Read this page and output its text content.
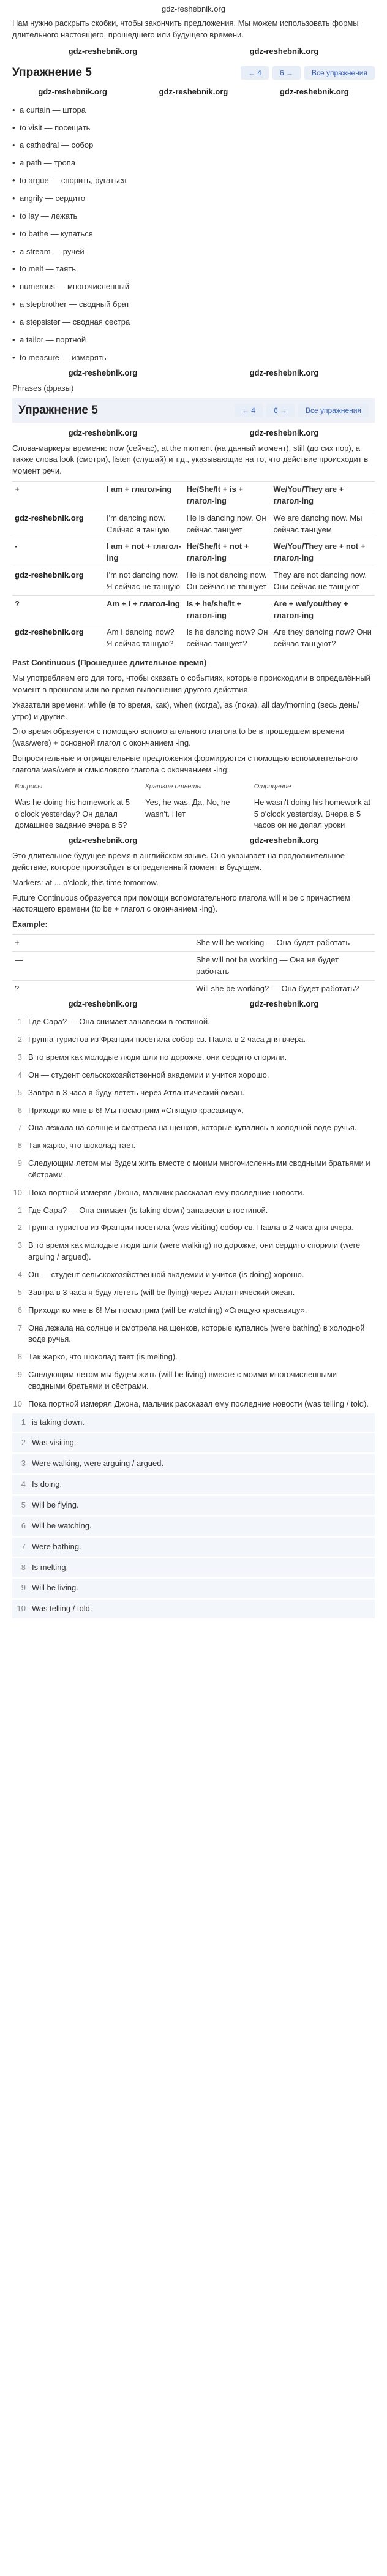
gdz-reshebnik.org

Нам нужно раскрыть скобки, чтобы закончить предложения. Мы можем использовать формы длительного настоящего, прошедшего или будущего времени.

gdz-reshebnik.org	gdz-reshebnik.org
Упражнение 5	← 4	6 →	Все упражнения
gdz-reshebnik.org	gdz-reshebnik.org	gdz-reshebnik.org
• a curtain — штора
• to visit — посещать
• a cathedral — собор
• a path — тропа
• to argue — спорить, ругаться
• angrily — сердито
• to lay — лежать
• to bathe — купаться
• a stream — ручей
• to melt — таять
• numerous — многочисленный
• a stepbrother — сводный брат
• a stepsister — сводная сестра
• a tailor — портной
• to measure — измерять
gdz-reshebnik.org	gdz-reshebnik.org

Phrases (фразы)

Упражнение 5	← 4	6 →	Все упражнения
gdz-reshebnik.org	gdz-reshebnik.org

Слова-маркеры времени: now (сейчас), at the moment (на данный момент), still (до сих пор), а также слова look (смотри), listen (слушай) и т.д., указывающие на то, что действие происходит в момент речи.

+	I am + глагол-ing	He/She/It + is + глагол-ing	We/You/They are + глагол-ing
gdz-reshebnik.org	I'm dancing now. Сейчас я танцую	He is dancing now. Он сейчас танцует	We are dancing now. Мы сейчас танцуем
-	I am + not + глагол-ing	He/She/It + not + глагол-ing	We/You/They are + not + глагол-ing
gdz-reshebnik.org	I'm not dancing now. Я сейчас не танцую	He is not dancing now. Он сейчас не танцует	They are not dancing now. Они сейчас не танцуют
?	Am + I + глагол-ing	Is + he/she/it + глагол-ing	Are + we/you/they + глагол-ing
gdz-reshebnik.org	Am I dancing now? Я сейчас танцую?	Is he dancing now? Он сейчас танцует?	Are they dancing now? Они сейчас танцуют?

Past Continuous (Прошедшее длительное время)

Мы употребляем его для того, чтобы сказать о событиях, которые происходили в определённый момент в прошлом или во время выполнения другого действия.

Указатели времени: while (в то время, как), when (когда), as (пока), all day/morning (весь день/утро) и другие.

Это время образуется с помощью вспомогательного глагола to be в прошедшем времени (was/were) + основной глагол с окончанием -ing.

Вопросительные и отрицательные предложения формируются с помощью вспомогательного глагола was/were и смыслового глагола с окончанием -ing:

Вопросы	Краткие ответы	Отрицание
Was he doing his homework at 5 o'clock yesterday? Он делал домашнее задание вчера в 5?	Yes, he was. Да. No, he wasn't. Нет	He wasn't doing his homework at 5 o'clock yesterday. Вчера в 5 часов он не делал уроки
gdz-reshebnik.org	gdz-reshebnik.org

Это длительное будущее время в английском языке. Оно указывает на продолжительное действие, которое произойдет в определенный момент в будущем.

Markers: at ... o'clock, this time tomorrow.

Future Continuous образуется при помощи вспомогательного глагола will и be с причастием настоящего времени (to be + глагол с окончанием -ing).

Example:

+	She will be working — Она будет работать
—	She will not be working — Она не будет работать
?	Will she be working? — Она будет работать?
gdz-reshebnik.org	gdz-reshebnik.org
1 Где Сара? — Она снимает занавески в гостиной.
2 Группа туристов из Франции посетила собор св. Павла в 2 часа дня вчера.
3 В то время как молодые люди шли по дорожке, они сердито спорили.
4 Он — студент сельскохозяйственной академии и учится хорошо.
5 Завтра в 3 часа я буду лететь через Атлантический океан.
6 Приходи ко мне в 6! Мы посмотрим «Спящую красавицу».
7 Она лежала на солнце и смотрела на щенков, которые купались в холодной воде ручья.
8 Так жарко, что шоколад тает.
9 Следующим летом мы будем жить вместе с моими многочисленными сводными братьями и сёстрами.
10 Пока портной измерял Джона, мальчик рассказал ему последние новости.
1 Где Сара? — Она снимает (is taking down) занавески в гостиной.
2 Группа туристов из Франции посетила (was visiting) собор св. Павла в 2 часа дня вчера.
3 В то время как молодые люди шли (were walking) по дорожке, они сердито спорили (were arguing / argued).
4 Он — студент сельскохозяйственной академии и учится (is doing) хорошо.
5 Завтра в 3 часа я буду лететь (will be flying) через Атлантический океан.
6 Приходи ко мне в 6! Мы посмотрим (will be watching) «Спящую красавицу».
7 Она лежала на солнце и смотрела на щенков, которые купались (were bathing) в холодной воде ручья.
8 Так жарко, что шоколад тает (is melting).
9 Следующим летом мы будем жить (will be living) вместе с моими многочисленными сводными братьями и сёстрами.
10 Пока портной измерял Джона, мальчик рассказал ему последние новости (was telling / told).
1 is taking down.
2 Was visiting.
3 Were walking, were arguing / argued.
4 Is doing.
5 Will be flying.
6 Will be watching.
7 Were bathing.
8 Is melting.
9 Will be living.
10 Was telling / told.
